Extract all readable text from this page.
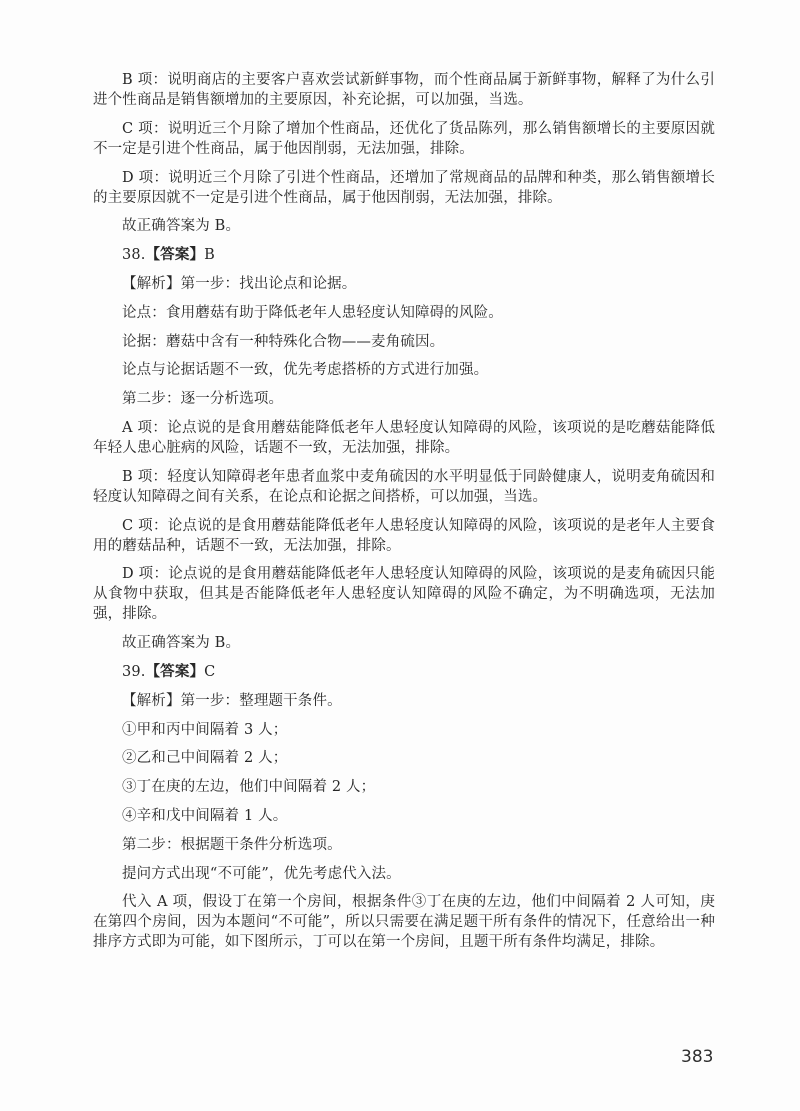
B 项：说明商店的主要客户喜欢尝试新鲜事物，而个性商品属于新鲜事物，解释了为什么引进个性商品是销售额增加的主要原因，补充论据，可以加强，当选。

C 项：说明近三个月除了增加个性商品，还优化了货品陈列，那么销售额增长的主要原因就不一定是引进个性商品，属于他因削弱，无法加强，排除。

D 项：说明近三个月除了引进个性商品，还增加了常规商品的品牌和种类，那么销售额增长的主要原因就不一定是引进个性商品，属于他因削弱，无法加强，排除。

故正确答案为 B。

38.【答案】B

【解析】第一步：找出论点和论据。

论点：食用蘑菇有助于降低老年人患轻度认知障碍的风险。

论据：蘑菇中含有一种特殊化合物——麦角硫因。

论点与论据话题不一致，优先考虑搭桥的方式进行加强。

第二步：逐一分析选项。

A 项：论点说的是食用蘑菇能降低老年人患轻度认知障碍的风险，该项说的是吃蘑菇能降低年轻人患心脏病的风险，话题不一致，无法加强，排除。

B 项：轻度认知障碍老年患者血浆中麦角硫因的水平明显低于同龄健康人，说明麦角硫因和轻度认知障碍之间有关系，在论点和论据之间搭桥，可以加强，当选。

C 项：论点说的是食用蘑菇能降低老年人患轻度认知障碍的风险，该项说的是老年人主要食用的蘑菇品种，话题不一致，无法加强，排除。

D 项：论点说的是食用蘑菇能降低老年人患轻度认知障碍的风险，该项说的是麦角硫因只能从食物中获取，但其是否能降低老年人患轻度认知障碍的风险不确定，为不明确选项，无法加强，排除。

故正确答案为 B。

39.【答案】C

【解析】第一步：整理题干条件。

①甲和丙中间隔着 3 人；

②乙和己中间隔着 2 人；

③丁在庚的左边，他们中间隔着 2 人；

④辛和戊中间隔着 1 人。

第二步：根据题干条件分析选项。

提问方式出现“不可能”，优先考虑代入法。

代入 A 项，假设丁在第一个房间，根据条件③丁在庚的左边，他们中间隔着 2 人可知，庚在第四个房间，因为本题问“不可能”，所以只需要在满足题干所有条件的情况下，任意给出一种排序方式即为可能，如下图所示，丁可以在第一个房间，且题干所有条件均满足，排除。

383
